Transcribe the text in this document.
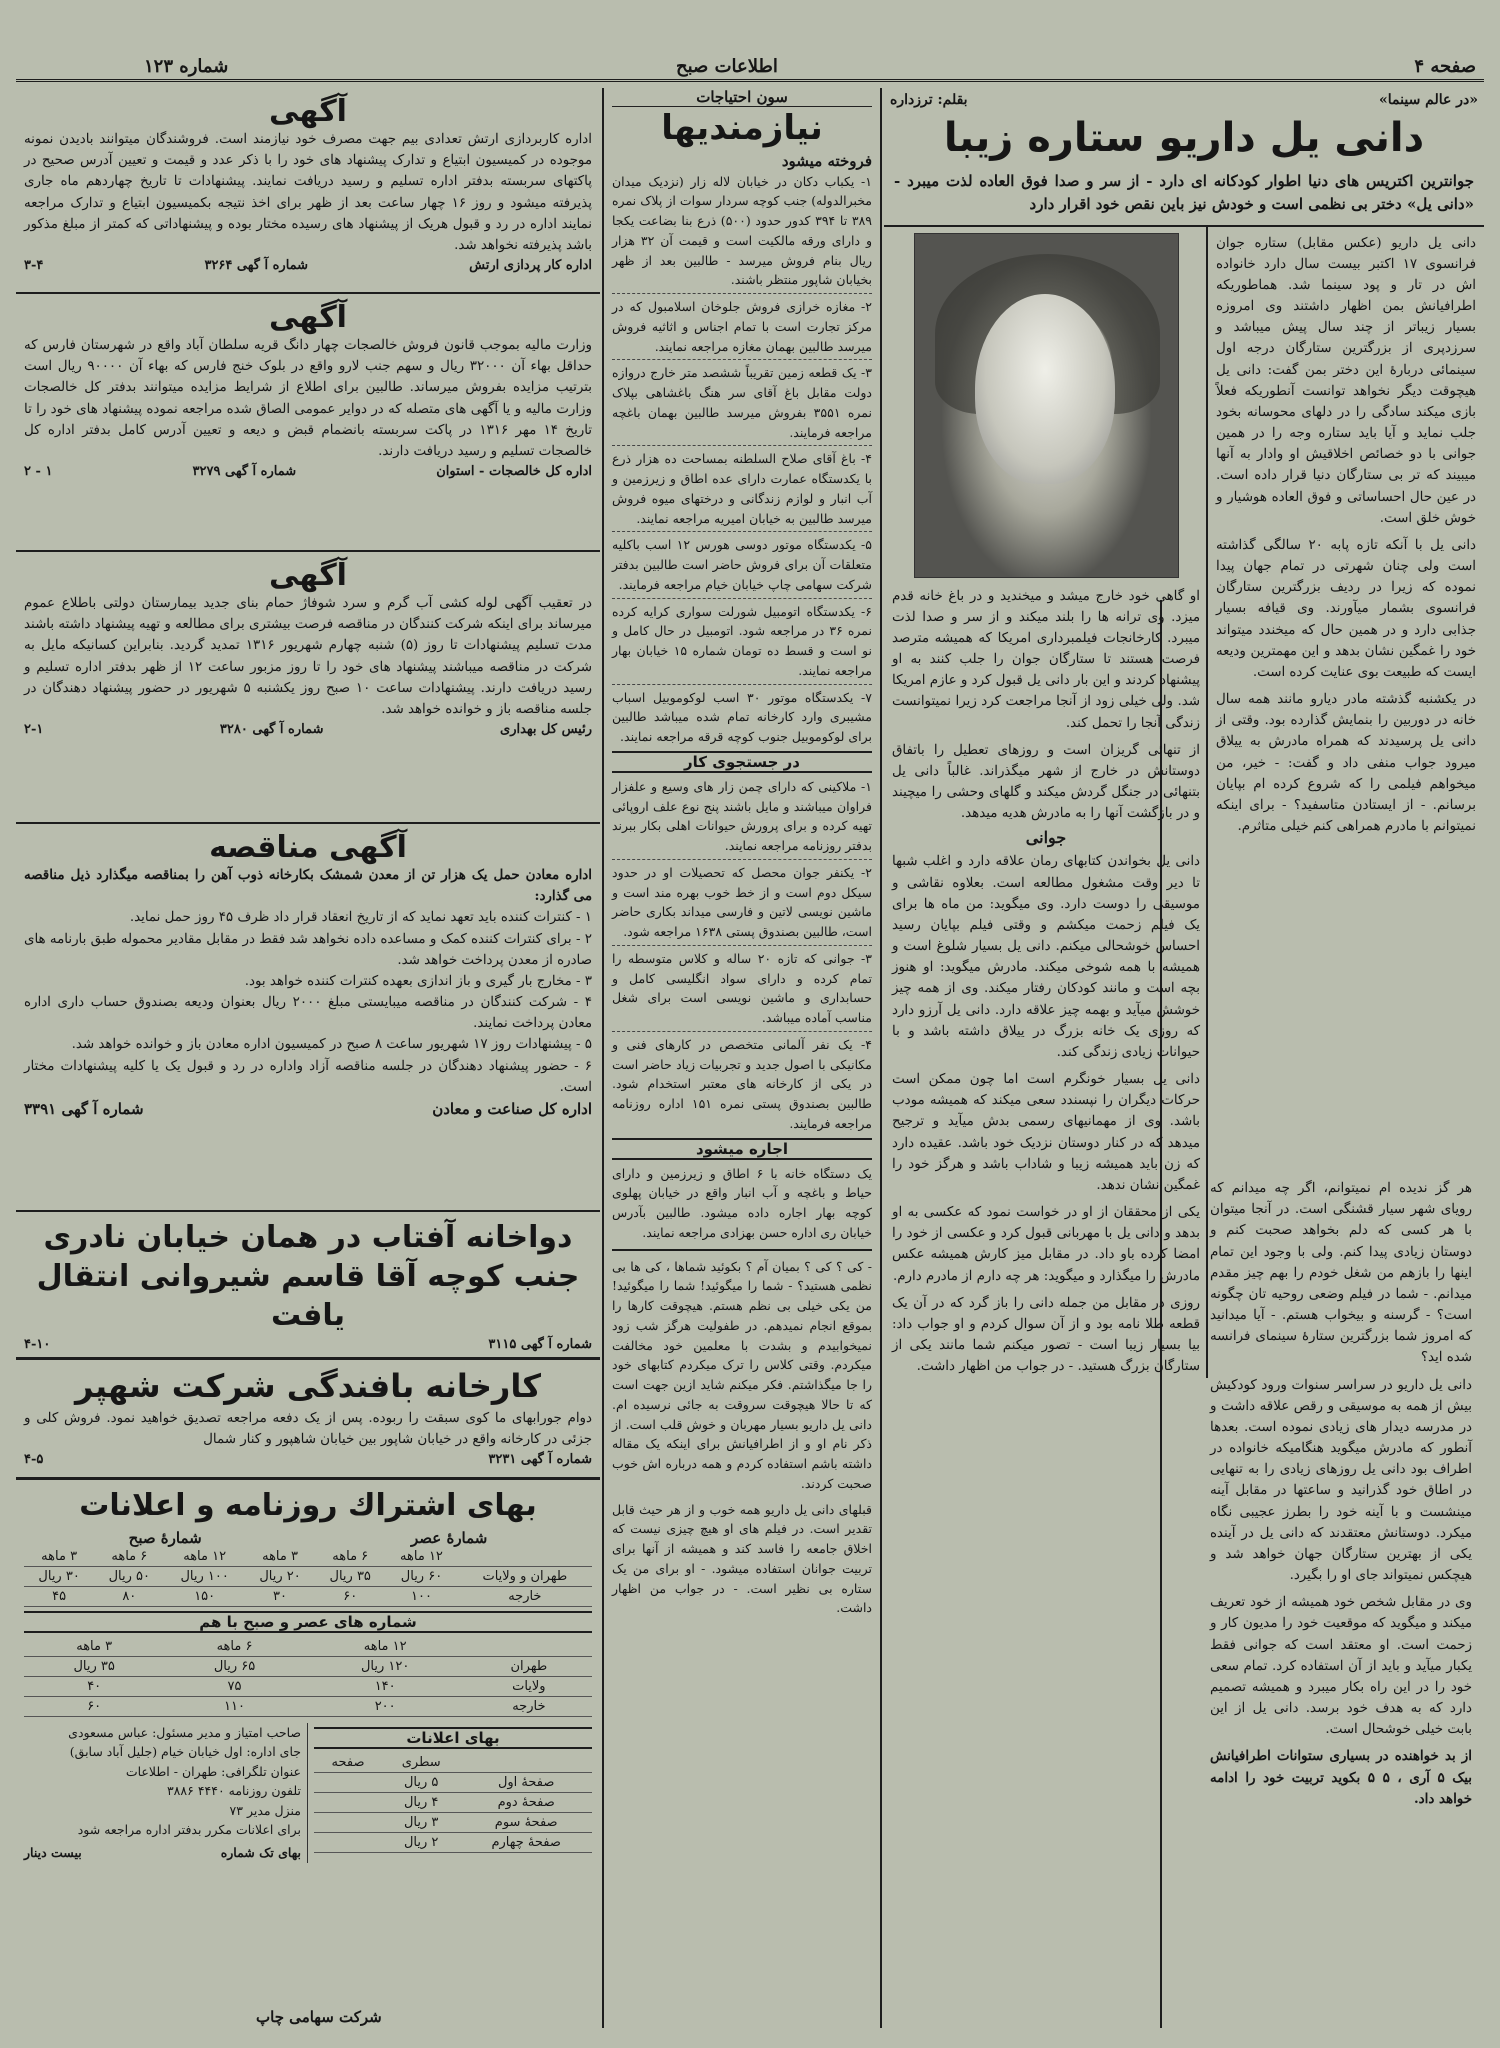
صفحه ۴
اطلاعات صبح
شماره ۱۲۳
«در عالم سینما»
بقلم: ترزداره
دانی یل داریو ستاره زیبا
جوانترین اکتریس های دنیا اطوار کودکانه ای دارد - از سر و صدا فوق العاده لذت میبرد - «دانی یل» دختر بی نظمی است و خودش نیز باین نقص خود اقرار دارد
دانی یل داریو (عکس مقابل) ستاره جوان فرانسوی ۱۷ اکتبر بیست سال دارد خانواده اش در تار و پود سینما شد. هماطوریکه اطرافیانش بمن اظهار داشتند وی امروزه بسیار زیباتر از چند سال پیش میباشد و سرزدپری از بزرگترین ستارگان درجه اول سینمائی دربارهٔ این دختر بمن گفت: دانی یل هیچوقت دیگر نخواهد توانست آنطوریکه فعلاً بازی میکند سادگی را در دلهای محوسانه بخود جلب نماید و آیا باید ستاره وجه را در همین جوانی با دو خصائص اخلاقیش او وادار به آنها میبیند که تر بی ستارگان دنیا قرار داده است. در عین حال احساساتی و فوق العاده هوشیار و خوش خلق است.
دانی یل با آنکه تازه پابه ۲۰ سالگی گذاشته است ولی چنان شهرتی در تمام جهان پیدا نموده که زیرا در ردیف بزرگترین ستارگان فرانسوی بشمار میآورند. وی قیافه بسیار جذابی دارد و در همین حال که میخندد میتواند خود را غمگین نشان بدهد و این مهمترین ودیعه ایست که طبیعت بوی عنایت کرده است.
در یکشنبه گذشته مادر دیارو مانند همه سال خانه در دوربین را بنمایش گذارده بود. وقتی از دانی یل پرسیدند که همراه مادرش به ییلاق میرود جواب منفی داد و گفت: - خیر، من میخواهم فیلمی را که شروع کرده ام بپایان برسانم. - از ایستادن متاسفید؟ - برای اینکه نمیتوانم با مادرم همراهی کنم خیلی متاثرم.
او گاهی خود خارج میشد و میخندید و در باغ خانه قدم میزد. وی ترانه ها را بلند میکند و از سر و صدا لذت میبرد. کارخانجات فیلمبرداری امریکا که همیشه مترصد فرصت هستند تا ستارگان جوان را جلب کنند به او پیشنهاد کردند و این بار دانی یل قبول کرد و عازم امریکا شد. ولی خیلی زود از آنجا مراجعت کرد زیرا نمیتوانست زندگی آنجا را تحمل کند.
از تنهائی گریزان است و روزهای تعطیل را باتفاق دوستانش در خارج از شهر میگذراند. غالباً دانی یل بتنهائی در جنگل گردش میکند و گلهای وحشی را میچیند و در بازگشت آنها را به مادرش هدیه میدهد.
جوانی
دانی یل بخواندن کتابهای رمان علاقه دارد و اغلب شبها تا دیر وقت مشغول مطالعه است. بعلاوه نقاشی و موسیقی را دوست دارد. وی میگوید: من ماه ها برای یک فیلم زحمت میکشم و وقتی فیلم بپایان رسید احساس خوشحالی میکنم. دانی یل بسیار شلوغ است و همیشه با همه شوخی میکند. مادرش میگوید: او هنوز بچه است و مانند کودکان رفتار میکند. وی از همه چیز خوشش میآید و بهمه چیز علاقه دارد. دانی یل آرزو دارد که روزی یک خانه بزرگ در ییلاق داشته باشد و با حیوانات زیادی زندگی کند.
دانی یل بسیار خونگرم است اما چون ممکن است حرکات دیگران را نپسندد سعی میکند که همیشه مودب باشد. وی از مهمانیهای رسمی بدش میآید و ترجیح میدهد که در کنار دوستان نزدیک خود باشد. عقیده دارد که زن باید همیشه زیبا و شاداب باشد و هرگز خود را غمگین نشان ندهد.
یکی از محققان از او در خواست نمود که عکسی به او بدهد و دانی یل با مهربانی قبول کرد و عکسی از خود را امضا کرده باو داد. در مقابل میز کارش همیشه عکس مادرش را میگذارد و میگوید: هر چه دارم از مادرم دارم.
روزی در مقابل من جمله دانی را باز گرد که در آن یک قطعه طلا نامه بود و از آن سوال کردم و او جواب داد: بیا بسیار زیبا است - تصور میکنم شما مانند یکی از ستارگان بزرگ هستید. - در جواب من اظهار داشت.
هر گز ندیده ام نمیتوانم، اگر چه میدانم که رویای شهر سیار قشنگی است. در آنجا میتوان با هر کسی که دلم بخواهد صحبت کنم و دوستان زیادی پیدا کنم. ولی با وجود این تمام اینها را بازهم من شغل خودم را بهم چیز مقدم میدانم. - شما در فیلم وضعی روحیه تان چگونه است؟ - گرسنه و بیخواب هستم. - آیا میدانید که امروز شما بزرگترین ستارهٔ سینمای فرانسه شده اید؟
دانی یل داریو در سراسر سنوات ورود کودکیش بیش از همه به موسیقی و رقص علاقه داشت و در مدرسه دیدار های زیادی نموده است. بعدها آنطور که مادرش میگوید هنگامیکه خانواده در اطراف بود دانی یل روزهای زیادی را به تنهایی در اطاق خود گذرانید و ساعتها در مقابل آینه مینشست و با آینه خود را بطرز عجیبی نگاه میکرد. دوستانش معتقدند که دانی یل در آینده یکی از بهترین ستارگان جهان خواهد شد و هیچکس نمیتواند جای او را بگیرد.
وی در مقابل شخص خود همیشه از خود تعریف میکند و میگوید که موقعیت خود را مدیون کار و زحمت است. او معتقد است که جوانی فقط یکبار میآید و باید از آن استفاده کرد. تمام سعی خود را در این راه بکار میبرد و همیشه تصمیم دارد که به هدف خود برسد. دانی یل از این بابت خیلی خوشحال است.
از بد خواهنده در بسیاری ستوانات اطرافیانش بیک ۵ آری ، ۵ ۵ بکوید تربیت خود را ادامه خواهد داد.
سون احتیاجات
نیازمندیها
فروخته میشود
۱- یکباب دکان در خیابان لاله زار (نزدیک میدان مخبرالدوله) جنب کوچه سردار سوات از پلاک نمره ۳۸۹ تا ۳۹۴ کدور حدود (۵۰۰) ذرع بنا بضاعت یکجا و دارای ورقه مالکیت است و قیمت آن ۳۲ هزار ریال بنام فروش میرسد - طالبین بعد از ظهر بخیابان شاپور منتظر باشند.
۲- مغازه خرازی فروش جلوخان اسلامبول که در مرکز تجارت است با تمام اجناس و اثاثیه فروش میرسد طالبین بهمان مغازه مراجعه نمایند.
۳- یک قطعه زمین تقریباً ششصد متر خارج دروازه دولت مقابل باغ آقای سر هنگ باغشاهی بپلاک نمره ۳۵۵۱ بفروش میرسد طالبین بهمان باغچه مراجعه فرمایند.
۴- باغ آقای صلاح السلطنه بمساحت ده هزار ذرع با یکدستگاه عمارت دارای عده اطاق و زیرزمین و آب انبار و لوازم زندگانی و درختهای میوه فروش میرسد طالبین به خیابان امیریه مراجعه نمایند.
۵- یکدستگاه موتور دوسی هورس ۱۲ اسب باکلیه متعلقات آن برای فروش حاضر است طالبین بدفتر شرکت سهامی چاپ خیابان خیام مراجعه فرمایند.
۶- یکدستگاه اتومبیل شورلت سواری کرایه کرده نمره ۳۶ در مراجعه شود. اتومبیل در حال کامل و نو است و قسط ده تومان شماره ۱۵ خیابان بهار مراجعه نمایند.
۷- یکدستگاه موتور ۳۰ اسب لوکوموبیل اسباب مشیبری وارد کارخانه تمام شده میباشد طالبین برای لوکوموبیل جنوب کوچه قرقه مراجعه نمایند.
در جستجوی کار
۱- ملاکینی که دارای چمن زار های وسیع و علفزار فراوان میباشند و مایل باشند پنج نوع علف اروپائی تهیه کرده و برای پرورش حیوانات اهلی بکار ببرند بدفتر روزنامه مراجعه نمایند.
۲- یکنفر جوان محصل که تحصیلات او در حدود سیکل دوم است و از خط خوب بهره مند است و ماشین نویسی لاتین و فارسی میداند بکاری حاضر است، طالبین بصندوق پستی ۱۶۳۸ مراجعه شود.
۳- جوانی که تازه ۲۰ ساله و کلاس متوسطه را تمام کرده و دارای سواد انگلیسی کامل و حسابداری و ماشین نویسی است برای شغل مناسب آماده میباشد.
۴- یک نفر آلمانی متخصص در کارهای فنی و مکانیکی با اصول جدید و تجربیات زیاد حاضر است در یکی از کارخانه های معتبر استخدام شود. طالبین بصندوق پستی نمره ۱۵۱ اداره روزنامه مراجعه فرمایند.
اجاره میشود
یک دستگاه خانه با ۶ اطاق و زیرزمین و دارای حیاط و باغچه و آب انبار واقع در خیابان پهلوی کوچه بهار اجاره داده میشود. طالبین بآدرس خیابان ری اداره حسن بهزادی مراجعه نمایند.
- کی ؟ کی ؟ بمیان آم ؟ بکوئید شماها ، کی ها بی نظمی هستید؟ - شما را میگوئید! شما را میگوئید! من یکی خیلی بی نظم هستم. هیچوقت کارها را بموقع انجام نمیدهم. در طفولیت هرگز شب زود نمیخوابیدم و بشدت با معلمین خود مخالفت میکردم. وقتی کلاس را ترک میکردم کتابهای خود را جا میگذاشتم. فکر میکنم شاید ازین جهت است که تا حالا هیچوقت سروقت به جائی نرسیده ام. دانی یل داریو بسیار مهربان و خوش قلب است. از ذکر نام او و از اطرافیانش برای اینکه یک مقاله داشته باشم استفاده کردم و همه درباره اش خوب صحبت کردند.
قبلهای دانی یل داریو همه خوب و از هر حیث قابل تقدیر است. در فیلم های او هیچ چیزی نیست که اخلاق جامعه را فاسد کند و همیشه از آنها برای تربیت جوانان استفاده میشود. - او برای من یک ستاره بی نظیر است. - در جواب من اظهار داشت.
آگهی
اداره کاربردازی ارتش تعدادی بیم جهت مصرف خود نیازمند است. فروشندگان میتوانند بادیدن نمونه موجوده در کمیسیون ابتیاع و تدارک پیشنهاد های خود را با ذکر عدد و قیمت و تعیین آدرس صحیح در پاکتهای سربسته بدفتر اداره تسلیم و رسید دریافت نمایند. پیشنهادات تا تاریخ چهاردهم ماه جاری پذیرفته میشود و روز ۱۶ چهار ساعت بعد از ظهر برای اخذ نتیجه بکمیسیون ابتیاع و تدارک مراجعه نمایند اداره در رد و قبول هریک از پیشنهاد های رسیده مختار بوده و پیشنهاداتی که کمتر از مبلغ مذکور باشد پذیرفته نخواهد شد.
اداره کار پردازی ارتش
شماره آ گهی ۳۲۶۴
۳-۴
آگهی
وزارت مالیه بموجب قانون فروش خالصجات چهار دانگ قریه سلطان آباد واقع در شهرستان فارس که حداقل بهاء آن ۳۲۰۰۰ ریال و سهم جنب لارو واقع در بلوک خنج فارس که بهاء آن ۹۰۰۰۰ ریال است بترتیب مزایده بفروش میرساند. طالبین برای اطلاع از شرایط مزایده میتوانند بدفتر کل خالصجات وزارت مالیه و یا آگهی های متصله که در دوایر عمومی الصاق شده مراجعه نموده پیشنهاد های خود را تا تاریخ ۱۴ مهر ۱۳۱۶ در پاکت سربسته بانضمام قبض و دیعه و تعیین آدرس کامل بدفتر اداره کل خالصجات تسلیم و رسید دریافت دارند.
اداره کل خالصجات - استوان
شماره آ گهی ۳۲۷۹
۱ - ۲
آگهی
در تعقیب آگهی لوله کشی آب گرم و سرد شوفاژ حمام بنای جدید بیمارستان دولتی باطلاع عموم میرساند برای اینکه شرکت کنندگان در مناقصه فرصت بیشتری برای مطالعه و تهیه پیشنهاد داشته باشند مدت تسلیم پیشنهادات تا روز (۵) شنبه چهارم شهریور ۱۳۱۶ تمدید گردید. بنابراین کسانیکه مایل به شرکت در مناقصه میباشند پیشنهاد های خود را تا روز مزبور ساعت ۱۲ از ظهر بدفتر اداره تسلیم و رسید دریافت دارند. پیشنهادات ساعت ۱۰ صبح روز یکشنبه ۵ شهریور در حضور پیشنهاد دهندگان در جلسه مناقصه باز و خوانده خواهد شد.
رئیس کل بهداری
شماره آ گهی ۳۲۸۰
۲-۱
آگهی مناقصه
اداره معادن حمل یک هزار تن از معدن شمشک بکارخانه ذوب آهن را بمناقصه میگذارد ذیل مناقصه می گذارد:
۱ - کنترات کننده باید تعهد نماید که از تاریخ انعقاد قرار داد ظرف ۴۵ روز حمل نماید.
۲ - برای کنترات کننده کمک و مساعده داده نخواهد شد فقط در مقابل مقادیر محموله طبق بارنامه های صادره از معدن پرداخت خواهد شد.
۳ - مخارج بار گیری و باز اندازی بعهده کنترات کننده خواهد بود.
۴ - شرکت کنندگان در مناقصه میبایستی مبلغ ۲۰۰۰ ریال بعنوان ودیعه بصندوق حساب داری اداره معادن پرداخت نمایند.
۵ - پیشنهادات روز ۱۷ شهریور ساعت ۸ صبح در کمیسیون اداره معادن باز و خوانده خواهد شد.
۶ - حضور پیشنهاد دهندگان در جلسه مناقصه آزاد واداره در رد و قبول یک یا کلیه پیشنهادات مختار است.
اداره کل صناعت و معادن
شماره آ گهی ۳۳۹۱
دواخانه آفتاب در همان خیابان نادری
جنب کوچه آقا قاسم شیروانی انتقال یافت
شماره آ گهی ۳۱۱۵
۴-۱۰
کارخانه بافندگی شرکت شهپر
دوام جورابهای ما کوی سبقت را ربوده. پس از یک دفعه مراجعه تصدیق خواهید نمود. فروش کلی و جزئی در کارخانه واقع در خیابان شاپور بین خیابان شاهپور و کنار شمال
شماره آ گهی ۳۲۳۱
۴-۵
بهای اشتراك روزنامه و اعلانات
شمارهٔ عصر
شمارهٔ صبح
	۱۲ ماهه	۶ ماهه	۳ ماهه	۱۲ ماهه	۶ ماهه	۳ ماهه
طهران و ولایات	۶۰ ریال	۳۵ ریال	۲۰ ریال	۱۰۰ ریال	۵۰ ریال	۳۰ ریال
خارجه	۱۰۰	۶۰	۳۰	۱۵۰	۸۰	۴۵
شماره های عصر و صبح با هم
	۱۲ ماهه	۶ ماهه	۳ ماهه
طهران	۱۲۰ ریال	۶۵ ریال	۳۵ ریال
ولایات	۱۴۰	۷۵	۴۰
خارجه	۲۰۰	۱۱۰	۶۰
بهای اعلانات
	سطری	صفحه
صفحهٔ اول	۵ ریال	
صفحهٔ دوم	۴ ریال	
صفحهٔ سوم	۳ ریال	
صفحهٔ چهارم	۲ ریال	
صاحب امتیاز و مدیر مسئول: عباس مسعودی
جای اداره: اول خیابان خیام (جلیل آباد سابق)
عنوان تلگرافی: طهران - اطلاعات
تلفون روزنامه ۴۴۴۰ ۳۸۸۶
منزل مدیر ۷۳
برای اعلانات مکرر بدفتر اداره مراجعه شود
بهای تک شماره
بیست دینار
شرکت سهامی چاپ
